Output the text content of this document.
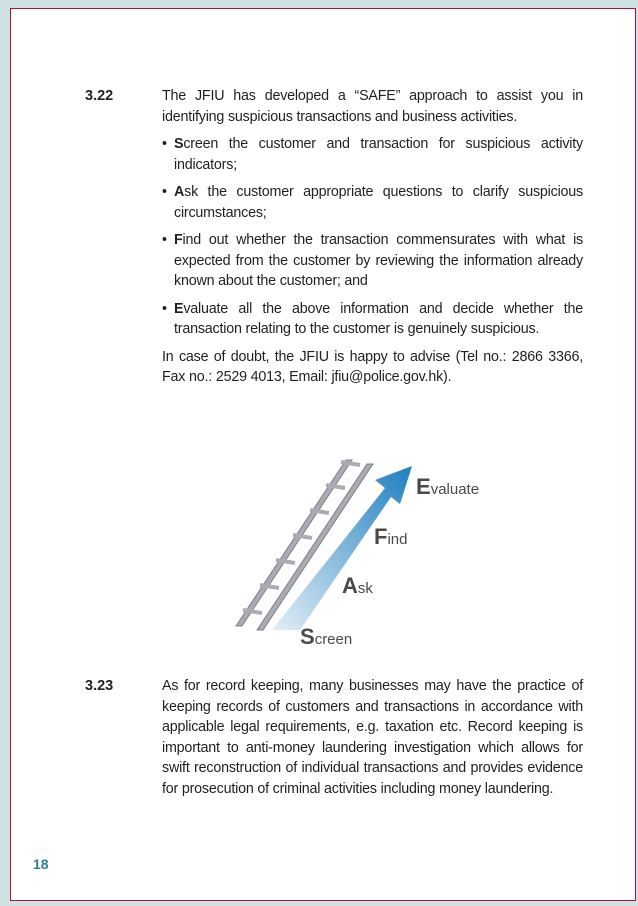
3.22	The JFIU has developed a “SAFE” approach to assist you in identifying suspicious transactions and business activities.

• Screen the customer and transaction for suspicious activity indicators;
• Ask the customer appropriate questions to clarify suspicious circumstances;
• Find out whether the transaction commensurates with what is expected from the customer by reviewing the information already known about the customer; and
• Evaluate all the above information and decide whether the transaction relating to the customer is genuinely suspicious.

In case of doubt, the JFIU is happy to advise (Tel no.: 2866 3366, Fax no.: 2529 4013, Email: jfiu@police.gov.hk).

Screen
Ask
Find
Evaluate
3.23	As for record keeping, many businesses may have the practice of keeping records of customers and transactions in accordance with applicable legal requirements, e.g. taxation etc. Record keeping is important to anti-money laundering investigation which allows for swift reconstruction of individual transactions and provides evidence for prosecution of criminal activities including money laundering.

18
